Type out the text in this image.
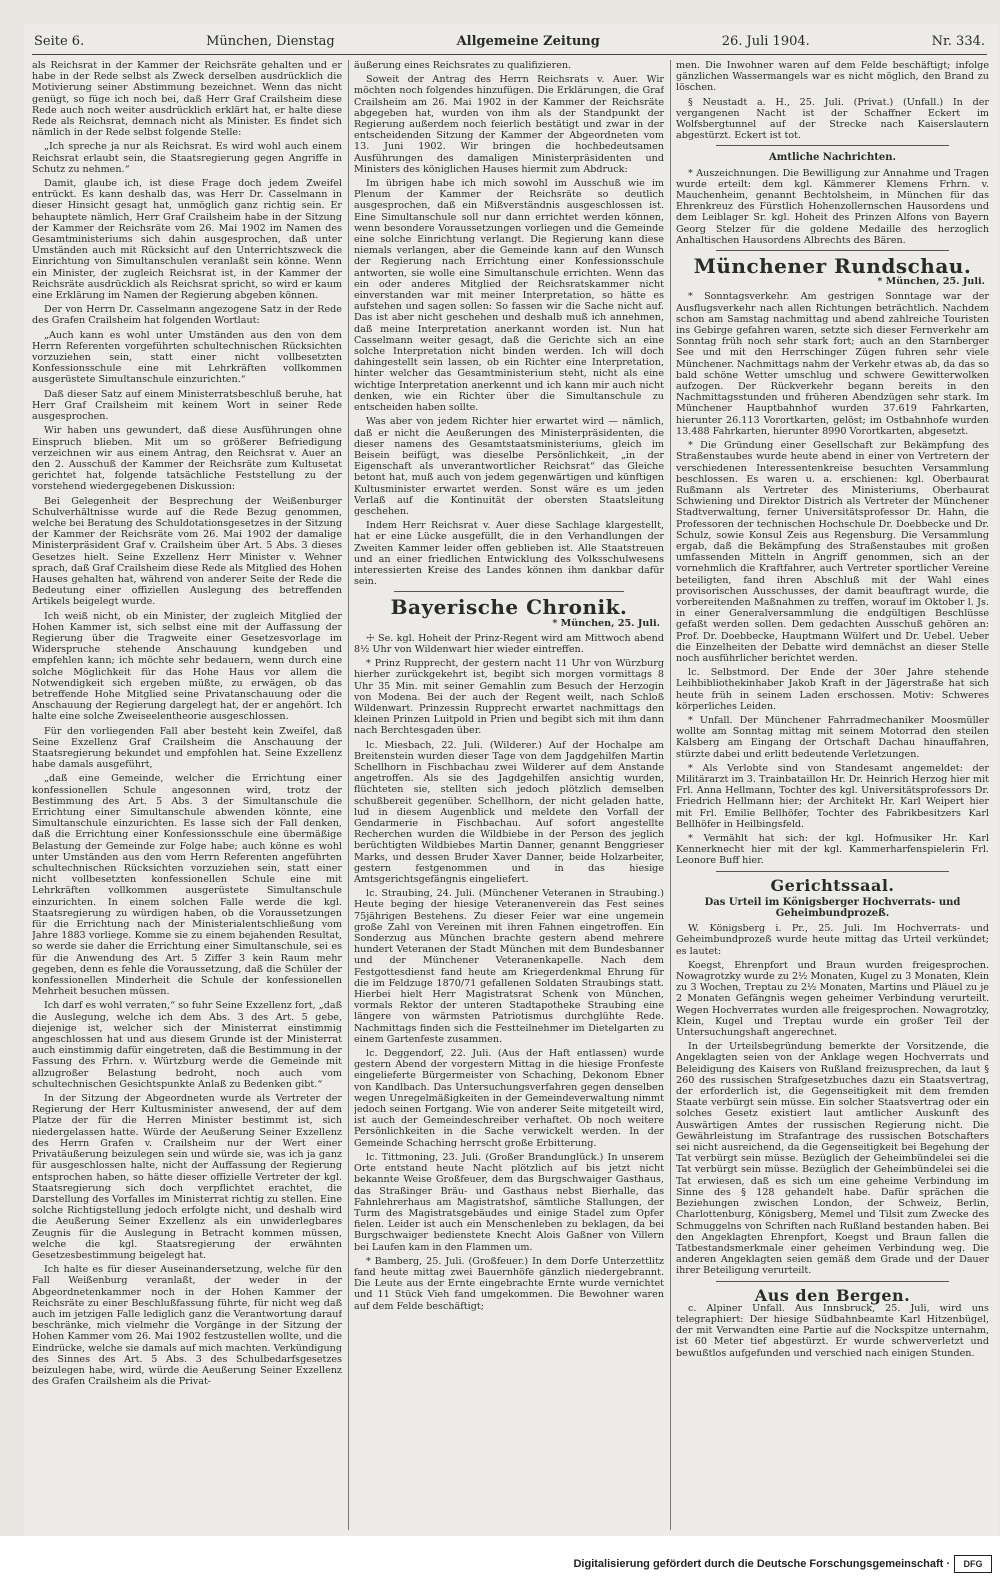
Seite 6.	München, Dienstag	Allgemeine Zeitung	26. Juli 1904.	Nr. 334.

als Reichsrat in der Kammer der Reichsräte gehalten und er habe in der Rede selbst als Zweck derselben ausdrücklich die Motivierung seiner Abstimmung bezeichnet. Wenn das nicht genügt, so füge ich noch bei, daß Herr Graf Crailsheim diese Rede auch noch weiter ausdrücklich erklärt hat, er halte diese Rede als Reichsrat, demnach nicht als Minister. Es findet sich nämlich in der Rede selbst folgende Stelle:

„Ich spreche ja nur als Reichsrat. Es wird wohl auch einem Reichsrat erlaubt sein, die Staatsregierung gegen Angriffe in Schutz zu nehmen.“

Damit, glaube ich, ist diese Frage doch jedem Zweifel entrückt. Es kann deshalb das, was Herr Dr. Casselmann in dieser Hinsicht gesagt hat, unmöglich ganz richtig sein. Er behauptete nämlich, Herr Graf Crailsheim habe in der Sitzung der Kammer der Reichsräte vom 26. Mai 1902 im Namen des Gesamtministeriums sich dahin ausgesprochen, daß unter Umständen auch mit Rücksicht auf den Unterrichtszweck die Einrichtung von Simultanschulen veranlaßt sein könne. Wenn ein Minister, der zugleich Reichsrat ist, in der Kammer der Reichsräte ausdrücklich als Reichsrat spricht, so wird er kaum eine Erklärung im Namen der Regierung abgeben können.

Der von Herrn Dr. Casselmann angezogene Satz in der Rede des Grafen Crailsheim hat folgenden Wortlaut:

„Auch kann es wohl unter Umständen aus den von dem Herrn Referenten vorgeführten schultechnischen Rücksichten vorzuziehen sein, statt einer nicht vollbesetzten Konfessionsschule eine mit Lehrkräften vollkommen ausgerüstete Simultanschule einzurichten.“

Daß dieser Satz auf einem Ministerratsbeschluß beruhe, hat Herr Graf Crailsheim mit keinem Wort in seiner Rede ausgesprochen.

Wir haben uns gewundert, daß diese Ausführungen ohne Einspruch blieben. Mit um so größerer Befriedigung verzeichnen wir aus einem Antrag, den Reichsrat v. Auer an den 2. Ausschuß der Kammer der Reichsräte zum Kultusetat gerichtet hat, folgende tatsächliche Feststellung zu der vorstehend wiedergegebenen Diskussion:

Bei Gelegenheit der Besprechung der Weißenburger Schulverhältnisse wurde auf die Rede Bezug genommen, welche bei Beratung des Schuldotationsgesetzes in der Sitzung der Kammer der Reichsräte vom 26. Mai 1902 der damalige Ministerpräsident Graf v. Crailsheim über Art. 5 Abs. 3 dieses Gesetzes hielt. Seine Exzellenz Herr Minister v. Wehner sprach, daß Graf Crailsheim diese Rede als Mitglied des Hohen Hauses gehalten hat, während von anderer Seite der Rede die Bedeutung einer offiziellen Auslegung des betreffenden Artikels beigelegt wurde.

Ich weiß nicht, ob ein Minister, der zugleich Mitglied der Hohen Kammer ist, sich selbst eine mit der Auffassung der Regierung über die Tragweite einer Gesetzesvorlage im Widerspruche stehende Anschauung kundgeben und empfehlen kann; ich möchte sehr bedauern, wenn durch eine solche Möglichkeit für das Hohe Haus vor allem die Notwendigkeit sich ergeben müßte, zu erwägen, ob das betreffende Hohe Mitglied seine Privatanschauung oder die Anschauung der Regierung dargelegt hat, der er angehört. Ich halte eine solche Zweiseelentheorie ausgeschlossen.

Für den vorliegenden Fall aber besteht kein Zweifel, daß Seine Exzellenz Graf Crailsheim die Anschauung der Staatsregierung bekundet und empfohlen hat. Seine Exzellenz habe damals ausgeführt,

„daß eine Gemeinde, welcher die Errichtung einer konfessionellen Schule angesonnen wird, trotz der Bestimmung des Art. 5 Abs. 3 der Simultanschule die Errichtung einer Simultanschule abwenden könnte, eine Simultanschule einzurichten. Es lasse sich der Fall denken, daß die Errichtung einer Konfessionsschule eine übermäßige Belastung der Gemeinde zur Folge habe; auch könne es wohl unter Umständen aus den vom Herrn Referenten angeführten schultechnischen Rücksichten vorzuziehen sein, statt einer nicht vollbesetzten konfessionellen Schule eine mit Lehrkräften vollkommen ausgerüstete Simultanschule einzurichten. In einem solchen Falle werde die kgl. Staatsregierung zu würdigen haben, ob die Voraussetzungen für die Errichtung nach der Ministerialentschließung vom Jahre 1883 vorliege. Komme sie zu einem bejahenden Resultat, so werde sie daher die Errichtung einer Simultanschule, sei es für die Anwendung des Art. 5 Ziffer 3 kein Raum mehr gegeben, denn es fehle die Voraussetzung, daß die Schüler der konfessionellen Minderheit die Schule der konfessionellen Mehrheit besuchen müssen.

Ich darf es wohl verraten,“ so fuhr Seine Exzellenz fort, „daß die Auslegung, welche ich dem Abs. 3 des Art. 5 gebe, diejenige ist, welcher sich der Ministerrat einstimmig angeschlossen hat und aus diesem Grunde ist der Ministerrat auch einstimmig dafür eingetreten, daß die Bestimmung in der Fassung des Frhrn. v. Würtzburg werde die Gemeinde mit allzugroßer Belastung bedroht, noch auch vom schultechnischen Gesichtspunkte Anlaß zu Bedenken gibt.“

In der Sitzung der Abgeordneten wurde als Vertreter der Regierung der Herr Kultusminister anwesend, der auf dem Platze der für die Herren Minister bestimmt ist, sich niedergelassen hatte. Würde der Aeußerung Seiner Exzellenz des Herrn Grafen v. Crailsheim nur der Wert einer Privatäußerung beizulegen sein und würde sie, was ich ja ganz für ausgeschlossen halte, nicht der Auffassung der Regierung entsprochen haben, so hätte dieser offizielle Vertreter der kgl. Staatsregierung sich doch verpflichtet erachtet, die Darstellung des Vorfalles im Ministerrat richtig zu stellen. Eine solche Richtigstellung jedoch erfolgte nicht, und deshalb wird die Aeußerung Seiner Exzellenz als ein unwiderlegbares Zeugnis für die Auslegung in Betracht kommen müssen, welche die kgl. Staatsregierung der erwähnten Gesetzesbestimmung beigelegt hat.

Ich halte es für dieser Auseinandersetzung, welche für den Fall Weißenburg veranlaßt, der weder in der Abgeordnetenkammer noch in der Hohen Kammer der Reichsräte zu einer Beschlußfassung führte, für nicht weg daß auch im jetzigen Falle lediglich ganz die Verantwortung darauf beschränke, mich vielmehr die Vorgänge in der Sitzung der Hohen Kammer vom 26. Mai 1902 festzustellen wollte, und die Eindrücke, welche sie damals auf mich machten. Verkündigung des Sinnes des Art. 5 Abs. 3 des Schulbedarfsgesetzes beizulegen habe, wird, würde die Aeußerung Seiner Exzellenz des Grafen Crailsheim als die Privat-

äußerung eines Reichsrates zu qualifizieren.

Soweit der Antrag des Herrn Reichsrats v. Auer. Wir möchten noch folgendes hinzufügen. Die Erklärungen, die Graf Crailsheim am 26. Mai 1902 in der Kammer der Reichsräte abgegeben hat, wurden von ihm als der Standpunkt der Regierung außerdem noch feierlich bestätigt und zwar in der entscheidenden Sitzung der Kammer der Abgeordneten vom 13. Juni 1902. Wir bringen die hochbedeutsamen Ausführungen des damaligen Ministerpräsidenten und Ministers des königlichen Hauses hiermit zum Abdruck:

Im übrigen habe ich mich sowohl im Ausschuß wie im Plenum der Kammer der Reichsräte so deutlich ausgesprochen, daß ein Mißverständnis ausgeschlossen ist. Eine Simultanschule soll nur dann errichtet werden können, wenn besondere Voraussetzungen vorliegen und die Gemeinde eine solche Einrichtung verlangt. Die Regierung kann diese niemals verlangen, aber die Gemeinde kann auf den Wunsch der Regierung nach Errichtung einer Konfessionsschule antworten, sie wolle eine Simultanschule errichten. Wenn das ein oder anderes Mitglied der Reichsratskammer nicht einverstanden war mit meiner Interpretation, so hätte es aufstehen und sagen sollen: So fassen wir die Sache nicht auf. Das ist aber nicht geschehen und deshalb muß ich annehmen, daß meine Interpretation anerkannt worden ist. Nun hat Casselmann weiter gesagt, daß die Gerichte sich an eine solche Interpretation nicht binden werden. Ich will doch dahingestellt sein lassen, ob ein Richter eine Interpretation, hinter welcher das Gesamtministerium steht, nicht als eine wichtige Interpretation anerkennt und ich kann mir auch nicht denken, wie ein Richter über die Simultanschule zu entscheiden haben sollte.

Was aber von jedem Richter hier erwartet wird — nämlich, daß er nicht die Aeußerungen des Ministerpräsidenten, die dieser namens des Gesamtstaatsministeriums, gleich im Beisein beifügt, was dieselbe Persönlichkeit, „in der Eigenschaft als unverantwortlicher Reichsrat“ das Gleiche betont hat, muß auch von jedem gegenwärtigen und künftigen Kultusminister erwartet werden. Sonst wäre es um jeden Verlaß auf die Kontinuität der obersten Staatsleitung geschehen.

Indem Herr Reichsrat v. Auer diese Sachlage klargestellt, hat er eine Lücke ausgefüllt, die in den Verhandlungen der Zweiten Kammer leider offen geblieben ist. Alle Staatstreuen und an einer friedlichen Entwicklung des Volksschulwesens interessierten Kreise des Landes können ihm dankbar dafür sein.

Bayerische Chronik.
* München, 25. Juli.

☩ Se. kgl. Hoheit der Prinz-Regent wird am Mittwoch abend 8½ Uhr von Wildenwart hier wieder eintreffen.

* Prinz Rupprecht, der gestern nacht 11 Uhr von Würzburg hierher zurückgekehrt ist, begibt sich morgen vormittags 8 Uhr 35 Min. mit seiner Gemahlin zum Besuch der Herzogin von Modena. Bei der auch der Regent weilt, nach Schloß Wildenwart. Prinzessin Rupprecht erwartet nachmittags den kleinen Prinzen Luitpold in Prien und begibt sich mit ihm dann nach Berchtesgaden über.

lc. Miesbach, 22. Juli. (Wilderer.) Auf der Hochalpe am Breitenstein wurden dieser Tage von dem Jagdgehilfen Martin Schellhorn in Fischbachau zwei Wilderer auf dem Anstande angetroffen. Als sie des Jagdgehilfen ansichtig wurden, flüchteten sie, stellten sich jedoch plötzlich demselben schußbereit gegenüber. Schellhorn, der nicht geladen hatte, lud in diesem Augenblick und meldete den Vorfall der Gendarmerie in Fischbachau. Auf sofort angestellte Recherchen wurden die Wildbiebe in der Person des jeglich berüchtigten Wildbiebes Martin Danner, genannt Benggrieser Marks, und dessen Bruder Xaver Danner, beide Holzarbeiter, gestern festgenommen und in das hiesige Amtsgerichtsgefängnis eingeliefert.

lc. Straubing, 24. Juli. (Münchener Veteranen in Straubing.) Heute beging der hiesige Veteranenverein das Fest seines 75jährigen Bestehens. Zu dieser Feier war eine ungemein große Zahl von Vereinen mit ihren Fahnen eingetroffen. Ein Sonderzug aus München brachte gestern abend mehrere hundert Veteranen der Stadt München mit dem Bundesbanner und der Münchener Veteranenkapelle. Nach dem Festgottesdienst fand heute am Kriegerdenkmal Ehrung für die im Feldzuge 1870/71 gefallenen Soldaten Straubings statt. Hierbei hielt Herr Magistratsrat Schenk von München, vormals Rektor der unteren Stadtapotheke Straubing eine längere von wärmsten Patriotismus durchglühte Rede. Nachmittags finden sich die Festteilnehmer im Dietelgarten zu einem Gartenfeste zusammen.

lc. Deggendorf, 22. Juli. (Aus der Haft entlassen) wurde gestern Abend der vorgestern Mittag in die hiesige Fronfeste eingelieferte Bürgermeister von Schaching, Dekonom Ebner von Kandlbach. Das Untersuchungsverfahren gegen denselben wegen Unregelmäßigkeiten in der Gemeindeverwaltung nimmt jedoch seinen Fortgang. Wie von anderer Seite mitgeteilt wird, ist auch der Gemeindeschreiber verhaftet. Ob noch weitere Persönlichkeiten in die Sache verwickelt werden. In der Gemeinde Schaching herrscht große Erbitterung.

lc. Tittmoning, 23. Juli. (Großer Brandunglück.) In unserem Orte entstand heute Nacht plötzlich auf bis jetzt nicht bekannte Weise Großfeuer, dem das Burgschwaiger Gasthaus, das Straßinger Bräu- und Gasthaus nebst Bierhalle, das Fahnlehrerhaus am Magistratshof, sämtliche Stallungen, der Turm des Magistratsgebäudes und einige Stadel zum Opfer fielen. Leider ist auch ein Menschenleben zu beklagen, da bei Burgschwaiger bedienstete Knecht Alois Gaßner von Villern bei Laufen kam in den Flammen um.

* Bamberg, 25. Juli. (Großfeuer.) In dem Dorfe Unterzettlitz fand heute mittag zwei Bauernhöfe gänzlich niedergebrannt. Die Leute aus der Ernte eingebrachte Ernte wurde vernichtet und 11 Stück Vieh fand umgekommen. Die Bewohner waren auf dem Felde beschäftigt;

men. Die Inwohner waren auf dem Felde beschäftigt; infolge gänzlichen Wassermangels war es nicht möglich, den Brand zu löschen.

§ Neustadt a. H., 25. Juli. (Privat.) (Unfall.) In der vergangenen Nacht ist der Schaffner Eckert im Wolfsbergtunnel auf der Strecke nach Kaiserslautern abgestürzt. Eckert ist tot.

Amtliche Nachrichten.

* Auszeichnungen. Die Bewilligung zur Annahme und Tragen wurde erteilt: dem kgl. Kämmerer Klemens Frhrn. v. Mauchenheim, genannt Bechtolsheim, in München für das Ehrenkreuz des Fürstlich Hohenzollernschen Hausordens und dem Leiblager Sr. kgl. Hoheit des Prinzen Alfons von Bayern Georg Stelzer für die goldene Medaille des herzoglich Anhaltischen Hausordens Albrechts des Bären.

Münchener Rundschau.
* München, 25. Juli.

* Sonntagsverkehr. Am gestrigen Sonntage war der Ausflugsverkehr nach allen Richtungen beträchtlich. Nachdem schon am Samstag nachmittag und abend zahlreiche Touristen ins Gebirge gefahren waren, setzte sich dieser Fernverkehr am Sonntag früh noch sehr stark fort; auch an den Starnberger See und mit den Herrschinger Zügen fuhren sehr viele Münchener. Nachmittags nahm der Verkehr etwas ab, da das so bald schöne Wetter umschlug und schwere Gewitterwolken aufzogen. Der Rückverkehr begann bereits in den Nachmittagsstunden und früheren Abendzügen sehr stark. Im Münchener Hauptbahnhof wurden 37.619 Fahrkarten, hierunter 26.113 Vorortkarten, gelöst; im Ostbahnhofe wurden 13.488 Fahrkarten, hierunter 8990 Vorortkarten, abgesetzt.

* Die Gründung einer Gesellschaft zur Bekämpfung des Straßenstaubes wurde heute abend in einer von Vertretern der verschiedenen Interessentenkreise besuchten Versammlung beschlossen. Es waren u. a. erschienen: kgl. Oberbaurat Rußmann als Vertreter des Ministeriums, Oberbaurat Schwiening und Direktor Districh als Vertreter der Münchener Stadtverwaltung, ferner Universitätsprofessor Dr. Hahn, die Professoren der technischen Hochschule Dr. Doebbecke und Dr. Schulz, sowie Konsul Zeis aus Regensburg. Die Versammlung ergab, daß die Bekämpfung des Straßenstaubes mit großen umfassenden Mitteln in Angriff genommen, sich an der vornehmlich die Kraftfahrer, auch Vertreter sportlicher Vereine beteiligten, fand ihren Abschluß mit der Wahl eines provisorischen Ausschusses, der damit beauftragt wurde, die vorbereitenden Maßnahmen zu treffen, worauf im Oktober l. Js. in einer Generalversammlung die endgültigen Beschlüsse gefaßt werden sollen. Dem gedachten Ausschuß gehören an: Prof. Dr. Doebbecke, Hauptmann Wülfert und Dr. Uebel. Ueber die Einzelheiten der Debatte wird demnächst an dieser Stelle noch ausführlicher berichtet werden.

lc. Selbstmord. Der Ende der 30er Jahre stehende Leihbibliothekinhaber Jakob Kraft in der Jägerstraße hat sich heute früh in seinem Laden erschossen. Motiv: Schweres körperliches Leiden.

* Unfall. Der Münchener Fahrradmechaniker Moosmüller wollte am Sonntag mittag mit seinem Motorrad den steilen Kalsberg am Eingang der Ortschaft Dachau hinauffahren, stürzte dabei und erlitt bedeutende Verletzungen.

* Als Verlobte sind von Standesamt angemeldet: der Militärarzt im 3. Trainbataillon Hr. Dr. Heinrich Herzog hier mit Frl. Anna Hellmann, Tochter des kgl. Universitätsprofessors Dr. Friedrich Hellmann hier; der Architekt Hr. Karl Weipert hier mit Frl. Emilie Bellhöfer, Tochter des Fabrikbesitzers Karl Bellhöfer in Heilbingsfeld.

* Vermählt hat sich: der kgl. Hofmusiker Hr. Karl Kennerknecht hier mit der kgl. Kammerharfenspielerin Frl. Leonore Buff hier.

Gerichtssaal.
Das Urteil im Königsberger Hochverrats- und Geheimbundprozeß.

W. Königsberg i. Pr., 25. Juli. Im Hochverrats- und Geheimbundprozeß wurde heute mittag das Urteil verkündet; es lautet:

Koegst, Ehrenpfort und Braun wurden freigesprochen. Nowagrotzky wurde zu 2½ Monaten, Kugel zu 3 Monaten, Klein zu 3 Wochen, Treptau zu 2½ Monaten, Martins und Pläuel zu je 2 Monaten Gefängnis wegen geheimer Verbindung verurteilt. Wegen Hochverrates wurden alle freigesprochen. Nowagrotzky, Klein, Kugel und Treptau wurde ein großer Teil der Untersuchungshaft angerechnet.

In der Urteilsbegründung bemerkte der Vorsitzende, die Angeklagten seien von der Anklage wegen Hochverrats und Beleidigung des Kaisers von Rußland freizusprechen, da laut § 260 des russischen Strafgesetzbuches dazu ein Staatsvertrag, der erforderlich ist, die Gegenseitigkeit mit dem fremden Staate verbürgt sein müsse. Ein solcher Staatsvertrag oder ein solches Gesetz existiert laut amtlicher Auskunft des Auswärtigen Amtes der russischen Regierung nicht. Die Gewährleistung im Strafantrage des russischen Botschafters sei nicht ausreichend, da die Gegenseitigkeit bei Begehung der Tat verbürgt sein müsse. Bezüglich der Geheimbündelei sei die Tat verbürgt sein müsse. Bezüglich der Geheimbündelei sei die Tat erwiesen, daß es sich um eine geheime Verbindung im Sinne des § 128 gehandelt habe. Dafür sprächen die Beziehungen zwischen London, der Schweiz, Berlin, Charlottenburg, Königsberg, Memel und Tilsit zum Zwecke des Schmuggelns von Schriften nach Rußland bestanden haben. Bei den Angeklagten Ehrenpfort, Koegst und Braun fallen die Tatbestandsmerkmale einer geheimen Verbindung weg. Die anderen Angeklagten seien gemäß dem Grade und der Dauer ihrer Beteiligung verurteilt.

Aus den Bergen.

c. Alpiner Unfall. Aus Innsbruck, 25. Juli, wird uns telegraphiert: Der hiesige Südbahnbeamte Karl Hitzenbügel, der mit Verwandten eine Partie auf die Nockspitze unternahm, ist 60 Meter tief abgestürzt. Er wurde schwerverletzt und bewußtlos aufgefunden und verschied nach einigen Stunden.

Digitalisierung gefördert durch die Deutsche Forschungsgemeinschaft ·	DFG
